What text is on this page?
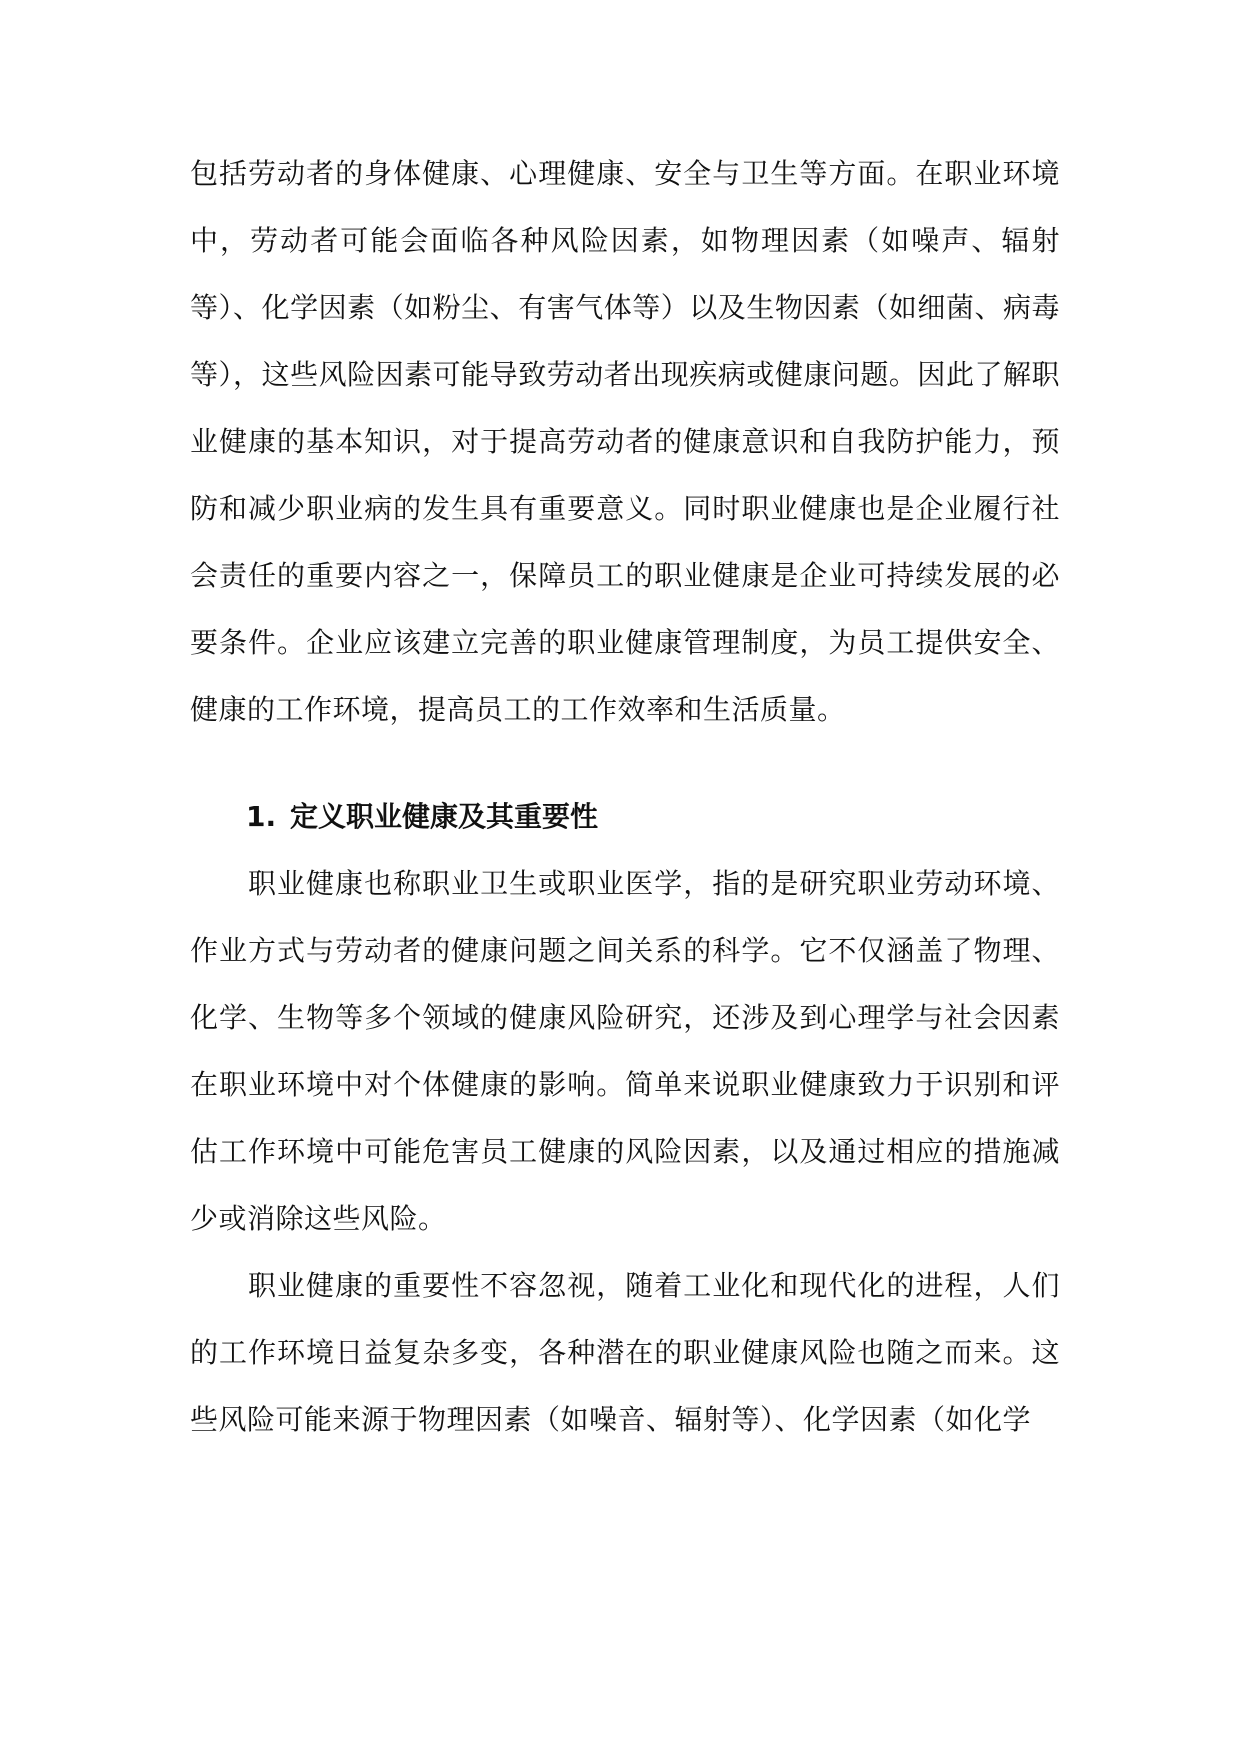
包括劳动者的身体健康、心理健康、安全与卫生等方面。在职业环境中，劳动者可能会面临各种风险因素，如物理因素（如噪声、辐射等）、化学因素（如粉尘、有害气体等）以及生物因素（如细菌、病毒等），这些风险因素可能导致劳动者出现疾病或健康问题。因此了解职业健康的基本知识，对于提高劳动者的健康意识和自我防护能力，预防和减少职业病的发生具有重要意义。同时职业健康也是企业履行社会责任的重要内容之一，保障员工的职业健康是企业可持续发展的必要条件。企业应该建立完善的职业健康管理制度，为员工提供安全、健康的工作环境，提高员工的工作效率和生活质量。

1. 定义职业健康及其重要性

职业健康也称职业卫生或职业医学，指的是研究职业劳动环境、作业方式与劳动者的健康问题之间关系的科学。它不仅涵盖了物理、化学、生物等多个领域的健康风险研究，还涉及到心理学与社会因素在职业环境中对个体健康的影响。简单来说职业健康致力于识别和评估工作环境中可能危害员工健康的风险因素，以及通过相应的措施减少或消除这些风险。

职业健康的重要性不容忽视，随着工业化和现代化的进程，人们的工作环境日益复杂多变，各种潜在的职业健康风险也随之而来。这些风险可能来源于物理因素（如噪音、辐射等）、化学因素（如化学
